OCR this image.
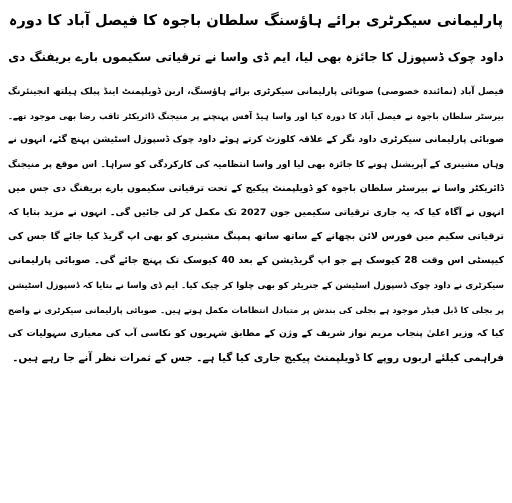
پارلیمانی سیکرٹری برائے ہاؤسنگ سلطان باجوہ کا فیصل آباد کا دورہ
داود چوک ڈسپوزل کا جائزہ بھی لیا، ایم ڈی واسا نے ترقیاتی سکیموں بارے بریفنگ دی
فیصل آباد (نمائندہ خصوصی) صوبائی پارلیمانی سیکرٹری برائے ہاؤسنگ، اربن ڈویلپمنٹ اینڈ پبلک ہیلتھ انجینئرنگ
بیرسٹر سلطان باجوہ نے فیصل آباد کا دورہ کیا اور واسا ہیڈ آفس پہنچنے پر منیجنگ ڈائریکٹر ثاقب رضا بھی موجود تھے۔
صوبائی پارلیمانی سیکرٹری داود نگر کے علاقہ کلوزٹ کرتے ہوئے داود چوک ڈسپوزل اسٹیشن پہنچ گئے، انہوں نے
وہاں مشینری کے آپریشنل ہونے کا جائزہ بھی لیا اور واسا انتظامیہ کی کارکردگی کو سراہا۔ اس موقع پر منیجنگ
ڈائریکٹر واسا نے بیرسٹر سلطان باجوہ کو ڈویلپمنٹ پیکیج کے تحت ترقیاتی سکیموں بارے بریفنگ دی جس میں
انہوں نے آگاہ کیا کہ یہ جاری ترقیاتی سکیمیں جون 2027 تک مکمل کر لی جائیں گی۔ انہوں نے مزید بتایا کہ
ترقیاتی سکیم میں فورس لائن بچھانے کے ساتھ ساتھ پمپنگ مشینری کو بھی اپ گریڈ کیا جائے گا جس کی
کیپسٹی اس وقت 28 کیوسک ہے جو اپ گریڈیشن کے بعد 40 کیوسک تک پہنچ جائے گی۔ صوبائی پارلیمانی
سیکرٹری نے داود چوک ڈسپوزل اسٹیشن کے جنریٹر کو بھی چلوا کر چیک کیا۔ ایم ڈی واسا نے بتایا کہ ڈسپوزل اسٹیشن
پر بجلی کا ڈبل فیڈر موجود ہے بجلی کی بندش پر متبادل انتظامات مکمل ہوتے ہیں۔ صوبائی پارلیمانی سیکرٹری نے واضح
کیا کہ وزیر اعلیٰ پنجاب مریم نواز شریف کے وژن کے مطابق شہریوں کو نکاسی آب کی معیاری سہولیات کی
فراہمی کیلئے اربوں روپے کا ڈویلپمنٹ پیکیج جاری کیا گیا ہے۔ جس کے ثمرات نظر آنے جا رہے ہیں۔
